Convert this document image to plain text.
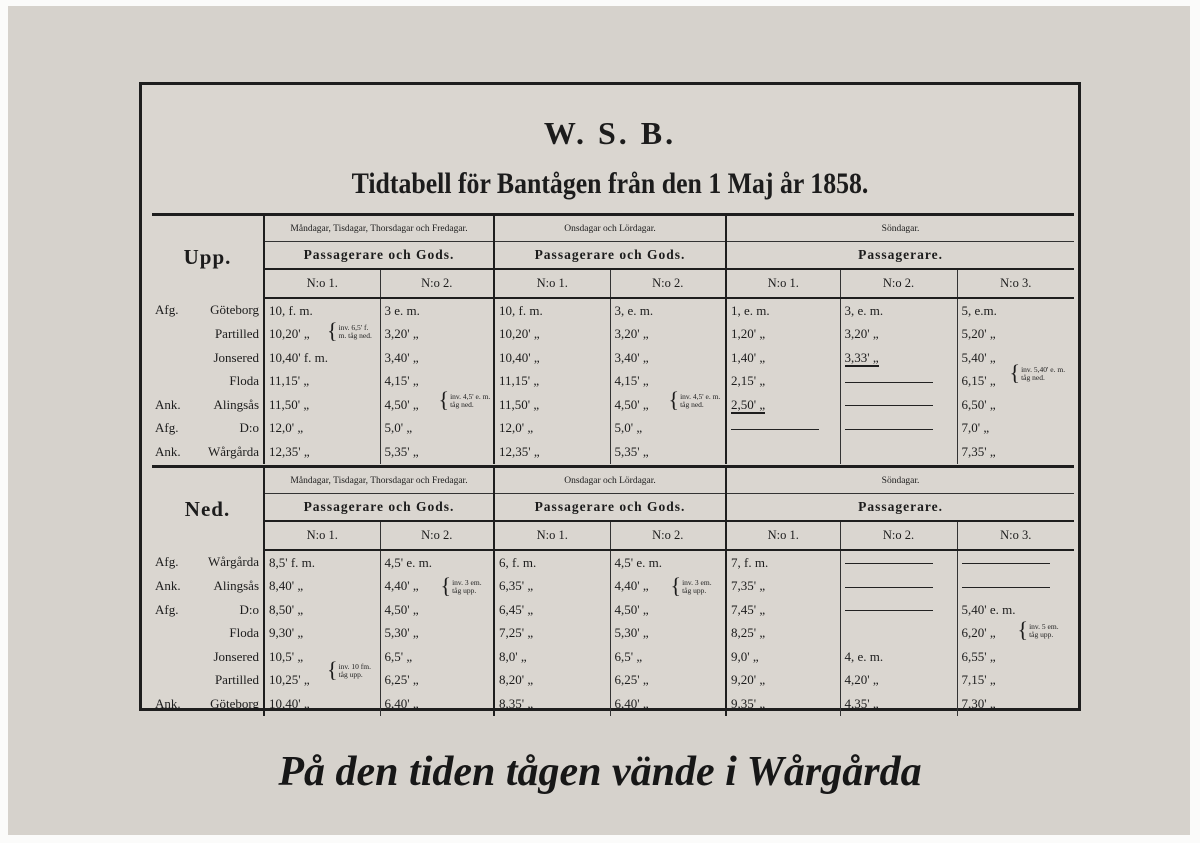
W. S. B.
Tidtabell för Bantågen från den 1 Maj år 1858.
Upp.	Måndagar, Tisdagar, Thorsdagar och Fredagar.		Onsdagar och Lördagar.		Söndagar.		
	Passagerare och Gods.		Passagerare och Gods.		Passagerare.		
	N:o 1.	N:o 2.	N:o 1.	N:o 2.	N:o 1.	N:o 2.	N:o 3.

Afg. Göteborg	10, f. m.	3 e. m.	10, f. m.	3, e. m.	1, e. m.	3, e. m.	5, e.m.

Partilled	10,20' „ { inv. 6,5' f. m. tåg ned.	3,20' „	10,20' „	3,20' „	1,20' „	3,20' „	5,20' „

Jonsered	10,40' f. m.	3,40' „	10,40' „	3,40' „	1,40' „	3,33' „	5,40' „

Floda	11,15' „	4,15' „	11,15' „	4,15' „	2,15' „		6,15' „ { inv. 5,40' e. m. tåg ned.

Ank. Alingsås	11,50' „	4,50' „ { inv. 4,5' e. m. tåg ned.	11,50' „	4,50' „ { inv. 4,5' e. m. tåg ned.	2,50' „		6,50' „

Afg. D:o	12,0' „	5,0' „	12,0' „	5,0' „			7,0' „

Ank. Wårgårda	12,35' „	5,35' „	12,35' „	5,35' „			7,35' „
Ned.	Måndagar, Tisdagar, Thorsdagar och Fredagar.		Onsdagar och Lördagar.		Söndagar.		
	Passagerare och Gods.		Passagerare och Gods.		Passagerare.		
	N:o 1.	N:o 2.	N:o 1.	N:o 2.	N:o 1.	N:o 2.	N:o 3.

Afg. Wårgårda	8,5' f. m.	4,5' e. m.	6, f. m.	4,5' e. m.	7, f. m.		

Ank. Alingsås	8,40' „	4,40' „ { inv. 3 em. tåg upp.	6,35' „	4,40' „ { inv. 3 em. tåg upp.	7,35' „		

Afg. D:o	8,50' „	4,50' „	6,45' „	4,50' „	7,45' „		5,40' e. m.

Floda	9,30' „	5,30' „	7,25' „	5,30' „	8,25' „		6,20' „ { inv. 5 em. tåg upp.

Jonsered	10,5' „	6,5' „	8,0' „	6,5' „	9,0' „	4, e. m.	6,55' „

Partilled	10,25' „ { inv. 10 fm. tåg upp.	6,25' „	8,20' „	6,25' „	9,20' „	4,20' „	7,15' „

Ank. Göteborg	10,40' „	6,40' „	8,35' „	6,40' „	9,35' „	4,35' „	7,30' „
På den tiden tågen vände i Wårgårda
